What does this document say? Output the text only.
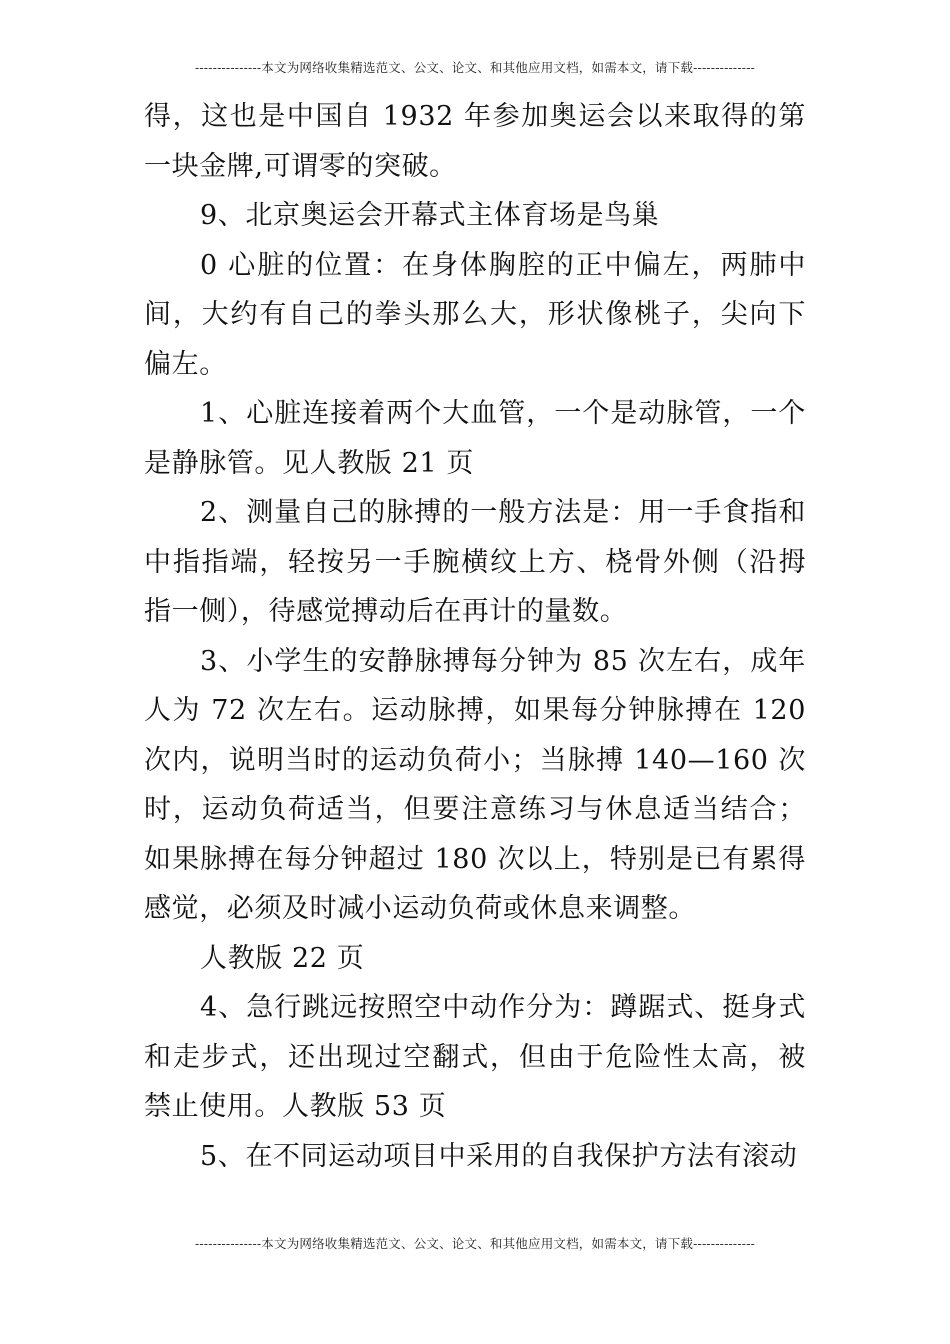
---------------本文为网络收集精选范文、公文、论文、和其他应用文档，如需本文，请下载--------------

得，这也是中国自 1932 年参加奥运会以来取得的第一块金牌,可谓零的突破。

9、北京奥运会开幕式主体育场是鸟巢

0 心脏的位置：在身体胸腔的正中偏左，两肺中间，大约有自己的拳头那么大，形状像桃子，尖向下偏左。

1、心脏连接着两个大血管，一个是动脉管，一个是静脉管。见人教版 21 页

2、测量自己的脉搏的一般方法是：用一手食指和中指指端，轻按另一手腕横纹上方、桡骨外侧（沿拇指一侧），待感觉搏动后在再计的量数。

3、小学生的安静脉搏每分钟为 85 次左右，成年人为 72 次左右。运动脉搏，如果每分钟脉搏在 120 次内，说明当时的运动负荷小；当脉搏 140—160 次时，运动负荷适当，但要注意练习与休息适当结合；如果脉搏在每分钟超过 180 次以上，特别是已有累得感觉，必须及时减小运动负荷或休息来调整。

人教版 22 页

4、急行跳远按照空中动作分为：蹲踞式、挺身式和走步式，还出现过空翻式，但由于危险性太高，被禁止使用。人教版 53 页

5、在不同运动项目中采用的自我保护方法有滚动

---------------本文为网络收集精选范文、公文、论文、和其他应用文档，如需本文，请下载--------------
